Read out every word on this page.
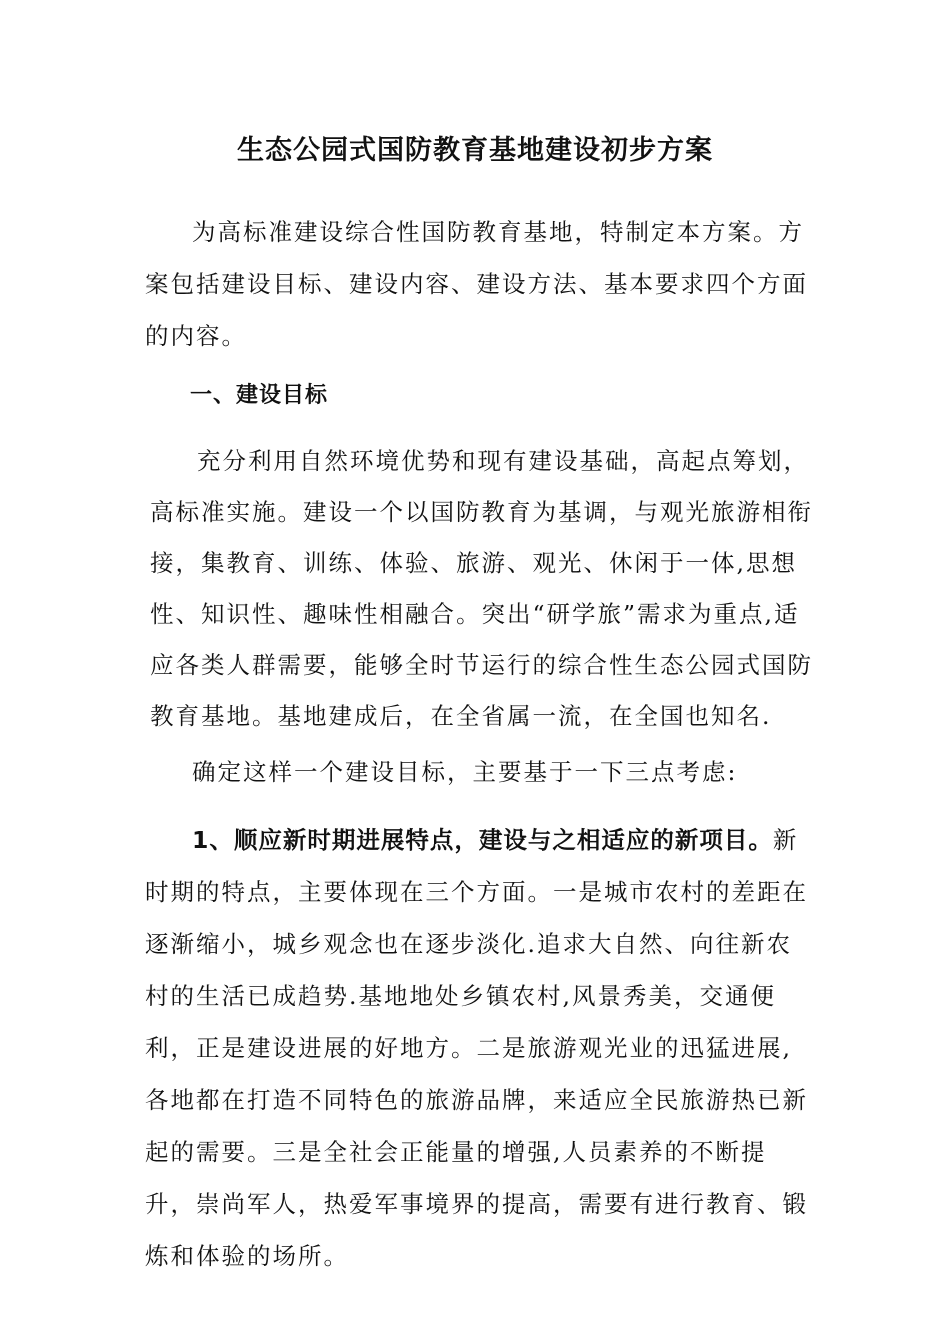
生态公园式国防教育基地建设初步方案

为高标准建设综合性国防教育基地，特制定本方案。方案包括建设目标、建设内容、建设方法、基本要求四个方面的内容。

一、建设目标

充分利用自然环境优势和现有建设基础，高起点筹划，高标准实施。建设一个以国防教育为基调，与观光旅游相衔接，集教育、训练、体验、旅游、观光、休闲于一体,思想性、知识性、趣味性相融合。突出“研学旅”需求为重点,适应各类人群需要，能够全时节运行的综合性生态公园式国防教育基地。基地建成后，在全省属一流，在全国也知名.

确定这样一个建设目标，主要基于一下三点考虑:

1、顺应新时期进展特点，建设与之相适应的新项目。新时期的特点，主要体现在三个方面。一是城市农村的差距在逐渐缩小，城乡观念也在逐步淡化.追求大自然、向往新农村的生活已成趋势.基地地处乡镇农村,风景秀美，交通便利，正是建设进展的好地方。二是旅游观光业的迅猛进展,各地都在打造不同特色的旅游品牌，来适应全民旅游热已新起的需要。三是全社会正能量的增强,人员素养的不断提升，崇尚军人，热爱军事境界的提高，需要有进行教育、锻炼和体验的场所。
